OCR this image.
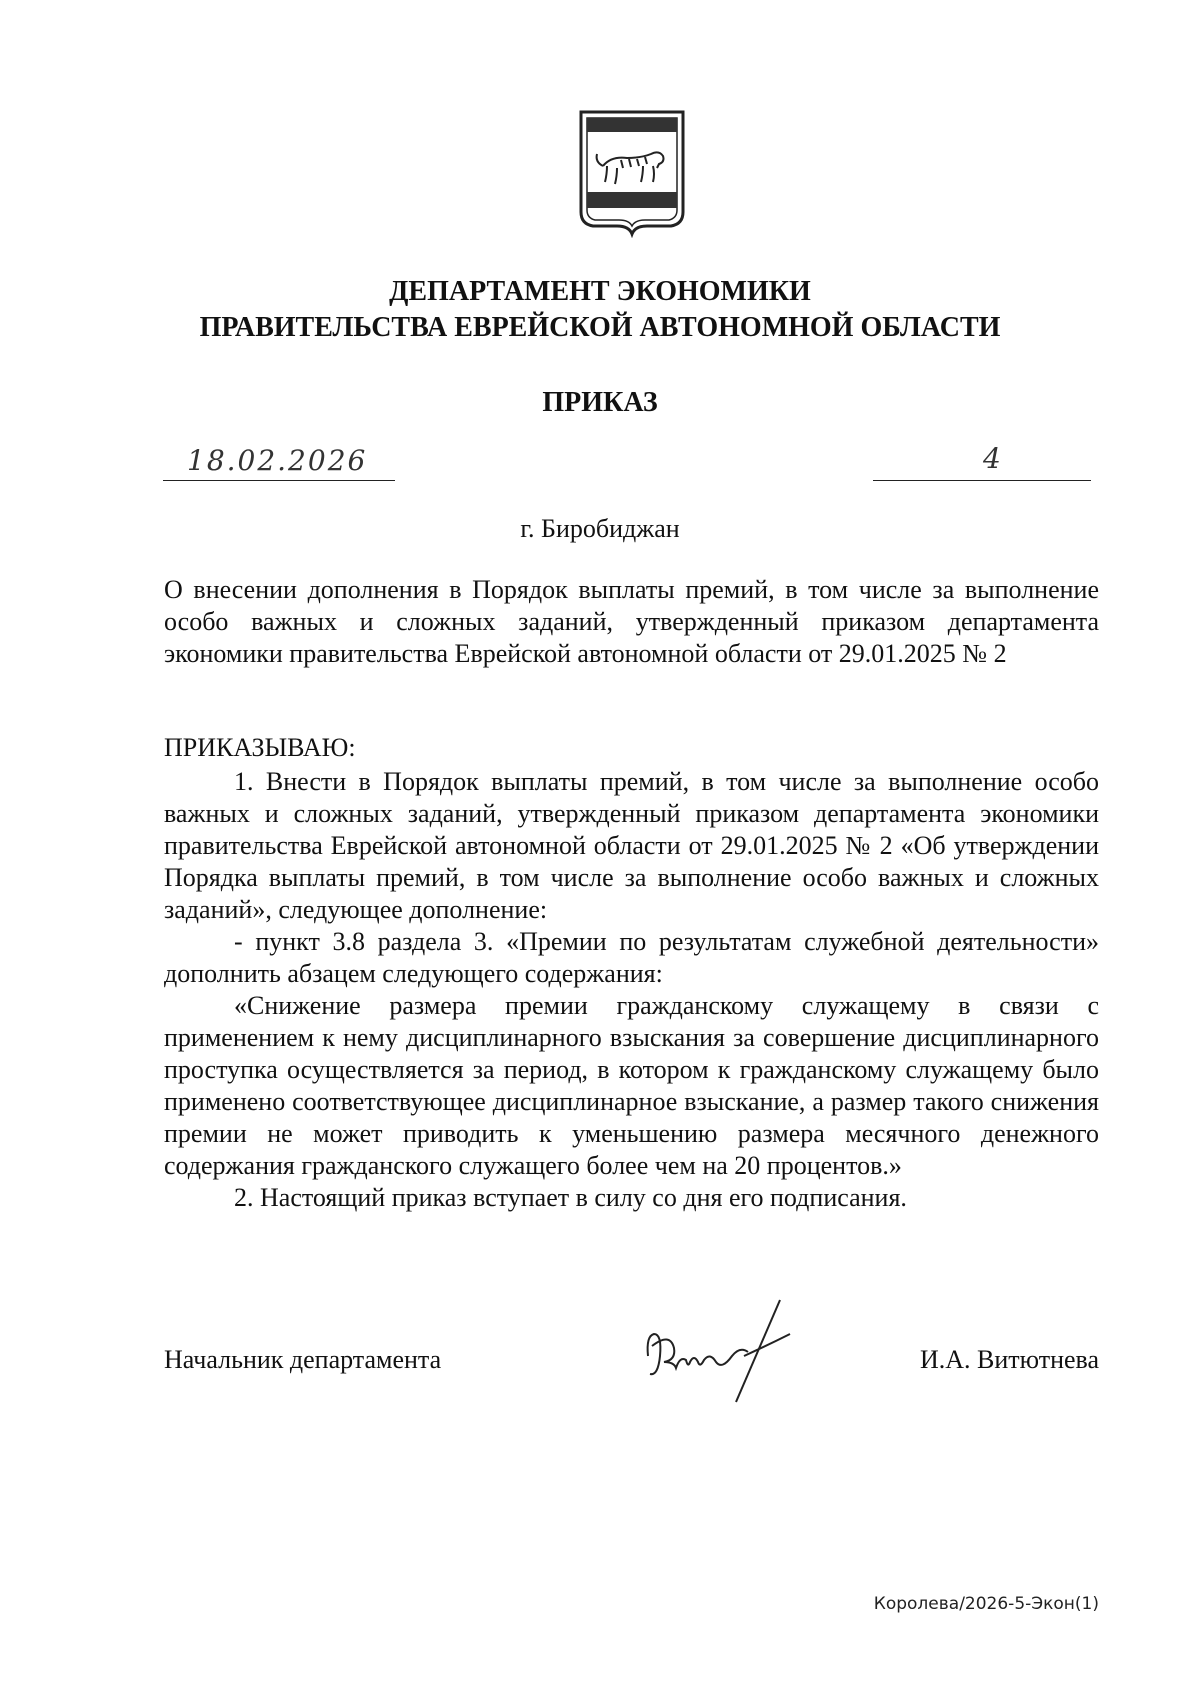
ДЕПАРТАМЕНТ ЭКОНОМИКИ
ПРАВИТЕЛЬСТВА ЕВРЕЙСКОЙ АВТОНОМНОЙ ОБЛАСТИ
ПРИКАЗ
18.02.2026	4
г. Биробиджан
О внесении дополнения в Порядок выплаты премий, в том числе за выполнение особо важных и сложных заданий, утвержденный приказом департамента экономики правительства Еврейской автономной области от 29.01.2025 № 2
ПРИКАЗЫВАЮ:

1. Внести в Порядок выплаты премий, в том числе за выполнение особо важных и сложных заданий, утвержденный приказом департамента экономики правительства Еврейской автономной области от 29.01.2025 № 2 «Об утверждении Порядка выплаты премий, в том числе за выполнение особо важных и сложных заданий», следующее дополнение:

- пункт 3.8 раздела 3. «Премии по результатам служебной деятельности» дополнить абзацем следующего содержания:

«Снижение размера премии гражданскому служащему в связи с применением к нему дисциплинарного взыскания за совершение дисциплинарного проступка осуществляется за период, в котором к гражданскому служащему было применено соответствующее дисциплинарное взыскание, а размер такого снижения премии не может приводить к уменьшению размера месячного денежного содержания гражданского служащего более чем на 20 процентов.»

2. Настоящий приказ вступает в силу со дня его подписания.

Начальник департамента	И.А. Витютнева
Королева/2026-5-Экон(1)
